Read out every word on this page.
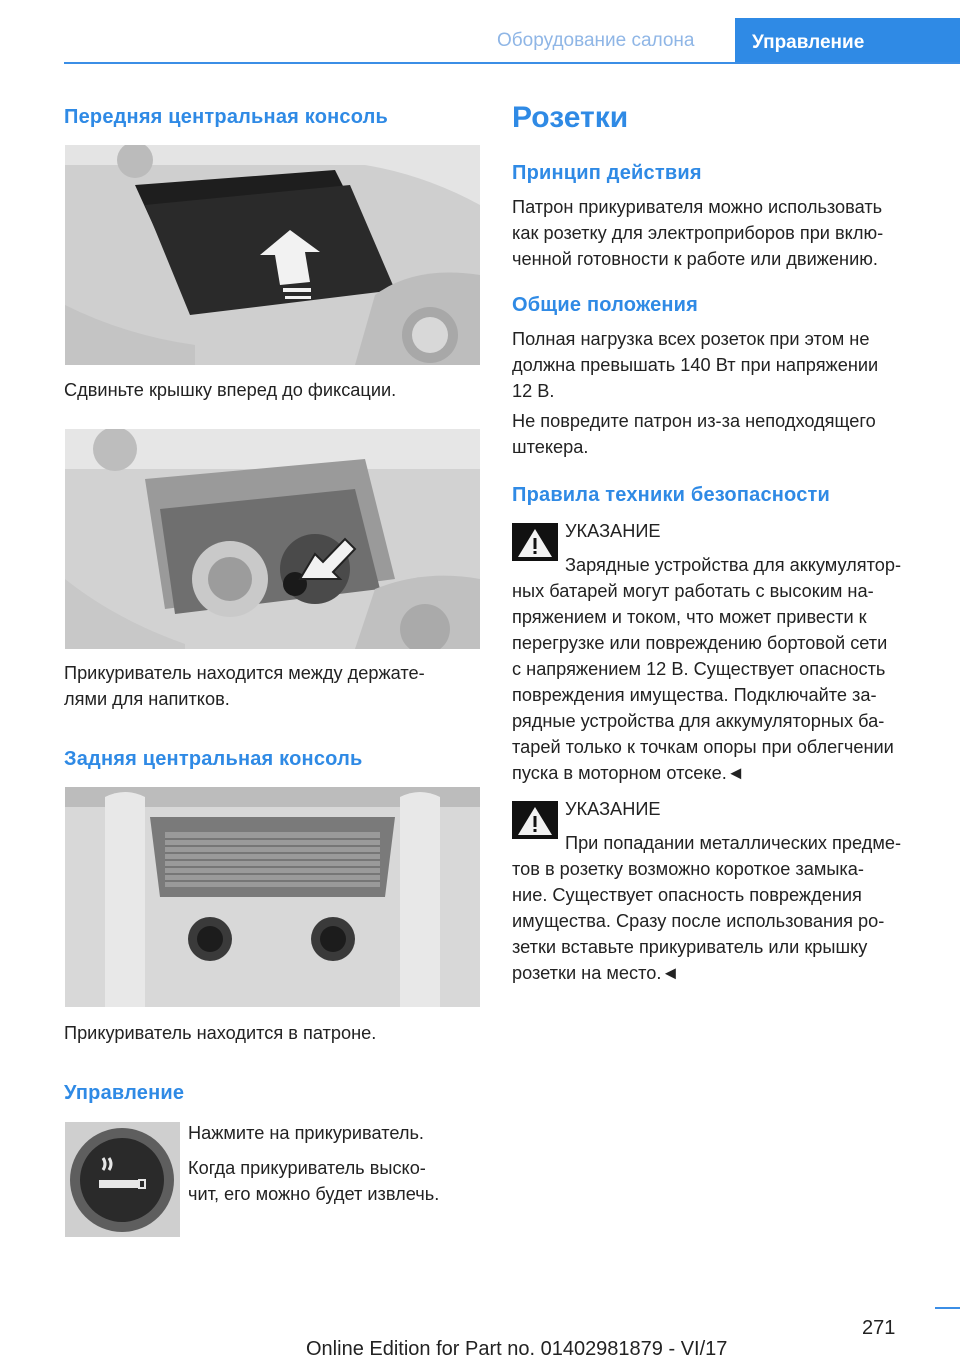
Оборудование салона	Управление
Передняя центральная консоль

Сдвиньте крышку вперед до фиксации.

Прикуриватель находится между держате-
лями для напитков.

Задняя центральная консоль

Прикуриватель находится в патроне.

Управление

Нажмите на прикуриватель.

Когда прикуриватель выско-
чит, его можно будет извлечь.

Розетки
Принцип действия

Патрон прикуривателя можно использовать
как розетку для электроприборов при вклю-
ченной готовности к работе или движению.

Общие положения

Полная нагрузка всех розеток при этом не
должна превышать 140 Вт при напряжении
12 В.

Не повредите патрон из-за неподходящего
штекера.

Правила техники безопасности

УКАЗАНИЕ

Зарядные устройства для аккумулятор-

ных батарей могут работать с высоким на-
пряжением и током, что может привести к
перегрузке или повреждению бортовой сети
с напряжением 12 В. Существует опасность
повреждения имущества. Подключайте за-
рядные устройства для аккумуляторных ба-
тарей только к точкам опоры при облегчении
пуска в моторном отсеке.◄

УКАЗАНИЕ

При попадании металлических предме-

тов в розетку возможно короткое замыка-
ние. Существует опасность повреждения
имущества. Сразу после использования ро-
зетки вставьте прикуриватель или крышку
розетки на место.◄

271
Online Edition for Part no. 01402981879 - VI/17
